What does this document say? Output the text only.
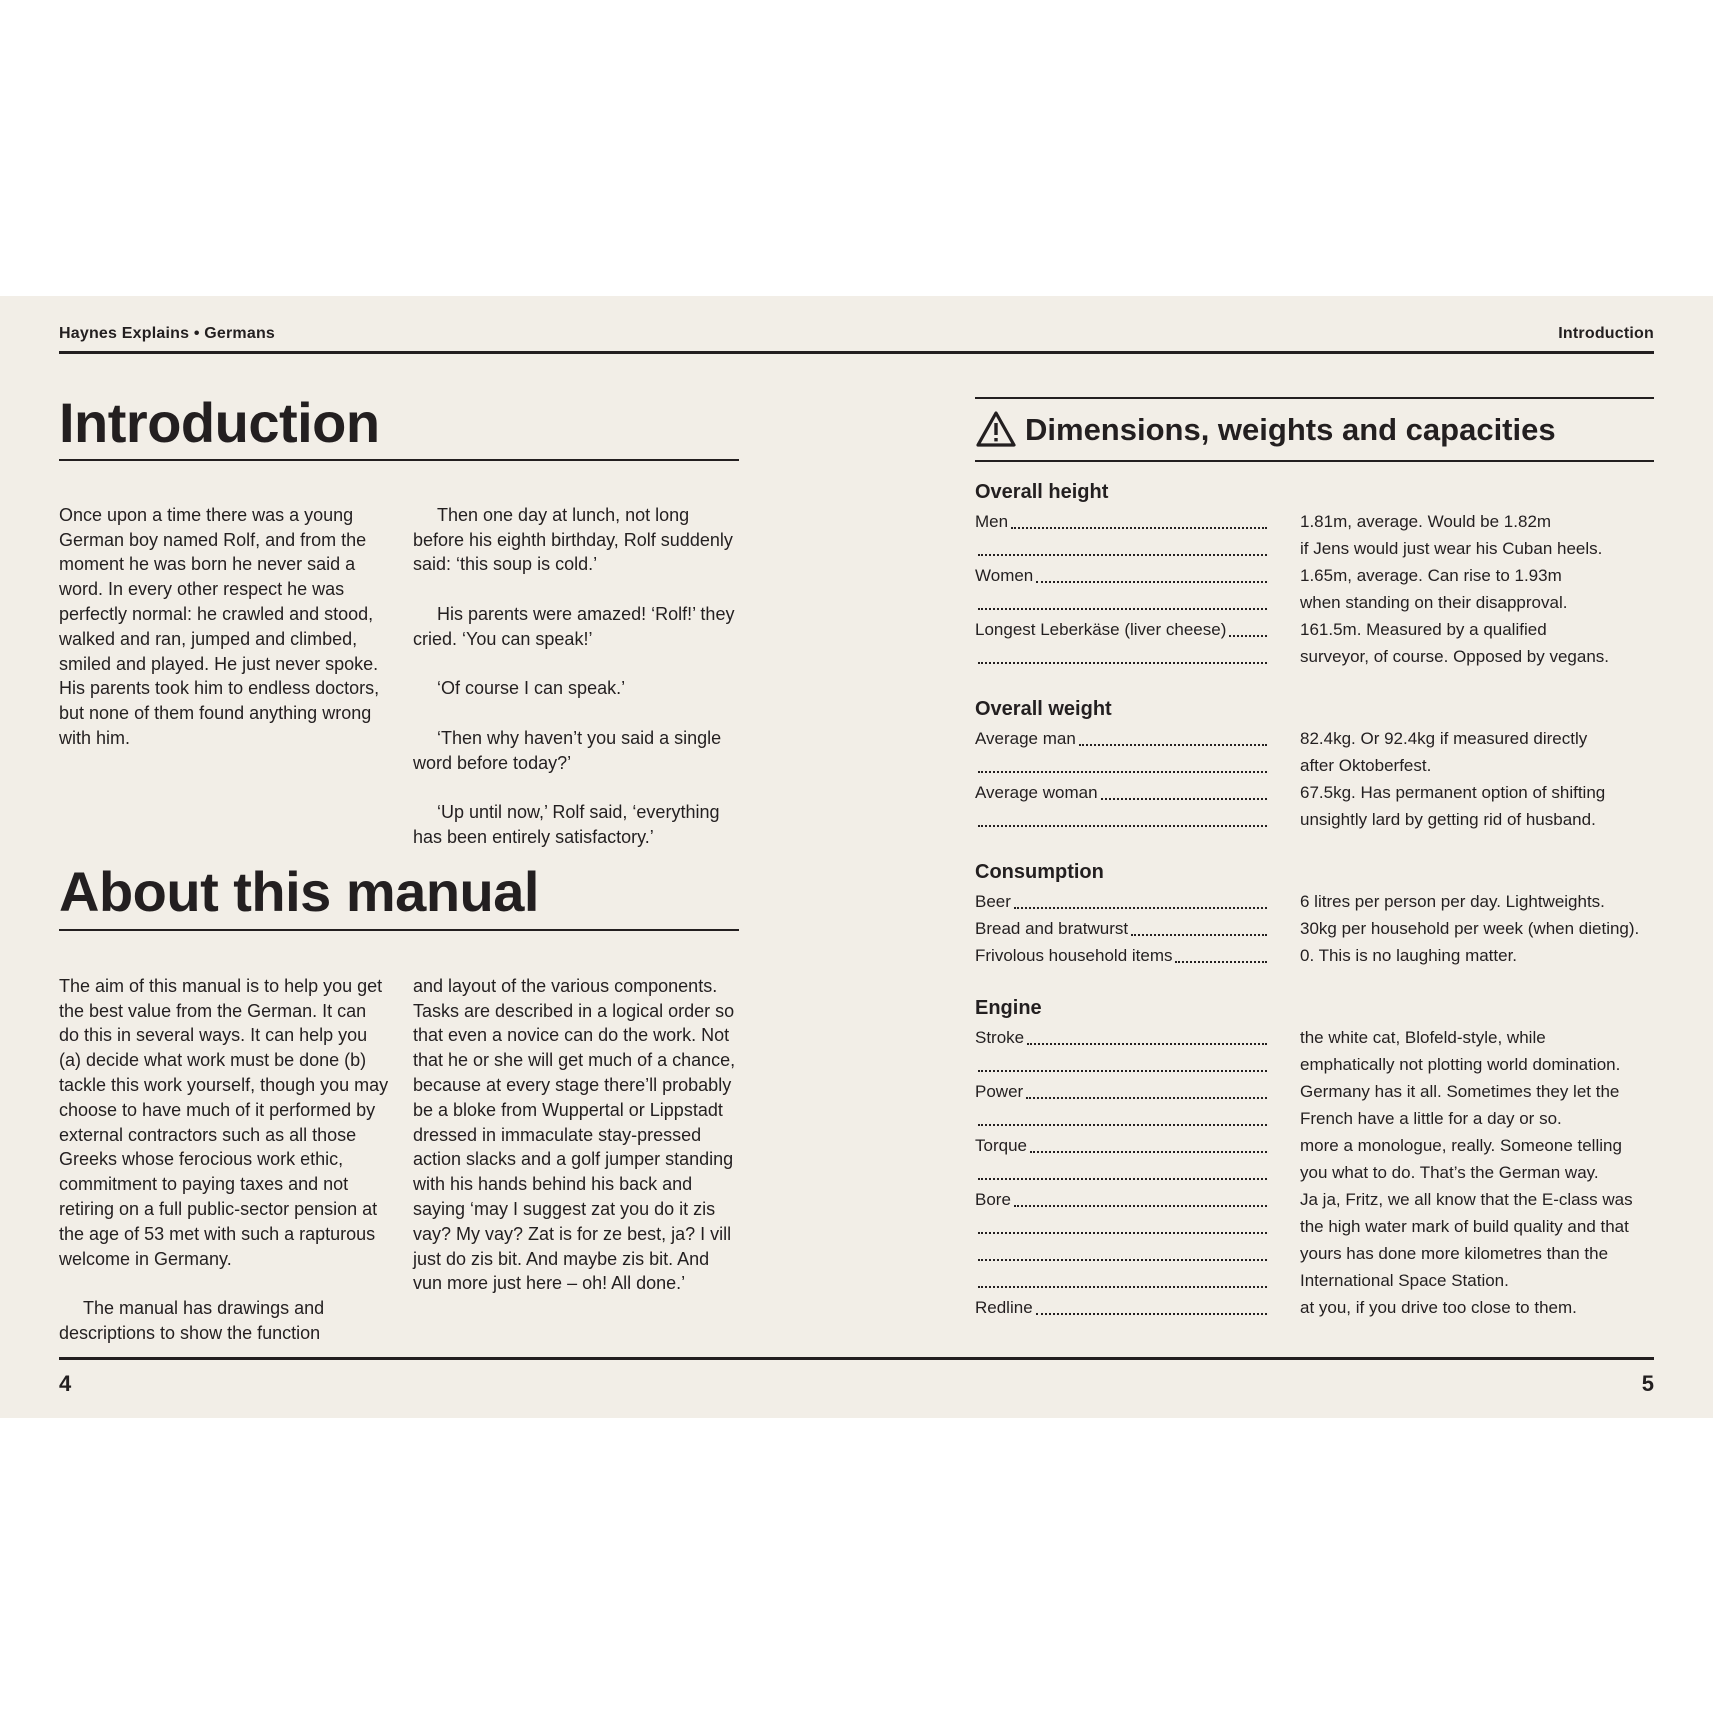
Haynes Explains • Germans	Introduction
Introduction

Once upon a time there was a young German boy named Rolf, and from the moment he was born he never said a word. In every other respect he was perfectly normal: he crawled and stood, walked and ran, jumped and climbed, smiled and played. He just never spoke. His parents took him to endless doctors, but none of them found anything wrong with him.

Then one day at lunch, not long before his eighth birthday, Rolf suddenly said: ‘this soup is cold.’

His parents were amazed! ‘Rolf!’ they cried. ‘You can speak!’

‘Of course I can speak.’

‘Then why haven’t you said a single word before today?’

‘Up until now,’ Rolf said, ‘everything has been entirely satisfactory.’

About this manual

The aim of this manual is to help you get the best value from the German. It can do this in several ways. It can help you (a) decide what work must be done (b) tackle this work yourself, though you may choose to have much of it performed by external contractors such as all those Greeks whose ferocious work ethic, commitment to paying taxes and not retiring on a full public-sector pension at the age of 53 met with such a rapturous welcome in Germany.

The manual has drawings and descriptions to show the function

and layout of the various components. Tasks are described in a logical order so that even a novice can do the work. Not that he or she will get much of a chance, because at every stage there’ll probably be a bloke from Wuppertal or Lippstadt dressed in immaculate stay-pressed action slacks and a golf jumper standing with his hands behind his back and saying ‘may I suggest zat you do it zis vay? My vay? Zat is for ze best, ja? I vill just do zis bit. And maybe zis bit. And vun more just here – oh! All done.’

Dimensions, weights and capacities
Overall height
Men	1.81m, average. Would be 1.82m
if Jens would just wear his Cuban heels.
Women	1.65m, average. Can rise to 1.93m
when standing on their disapproval.
Longest Leberkäse (liver cheese)	161.5m. Measured by a qualified
surveyor, of course. Opposed by vegans.
Overall weight
Average man	82.4kg. Or 92.4kg if measured directly
after Oktoberfest.
Average woman	67.5kg. Has permanent option of shifting
unsightly lard by getting rid of husband.
Consumption
Beer	6 litres per person per day. Lightweights.
Bread and bratwurst	30kg per household per week (when dieting).
Frivolous household items	0. This is no laughing matter.
Engine
Stroke	the white cat, Blofeld-style, while
emphatically not plotting world domination.
Power	Germany has it all. Sometimes they let the
French have a little for a day or so.
Torque	more a monologue, really. Someone telling
you what to do. That’s the German way.
Bore	Ja ja, Fritz, we all know that the E-class was
the high water mark of build quality and that
yours has done more kilometres than the
International Space Station.
Redline	at you, if you drive too close to them.
4	5
